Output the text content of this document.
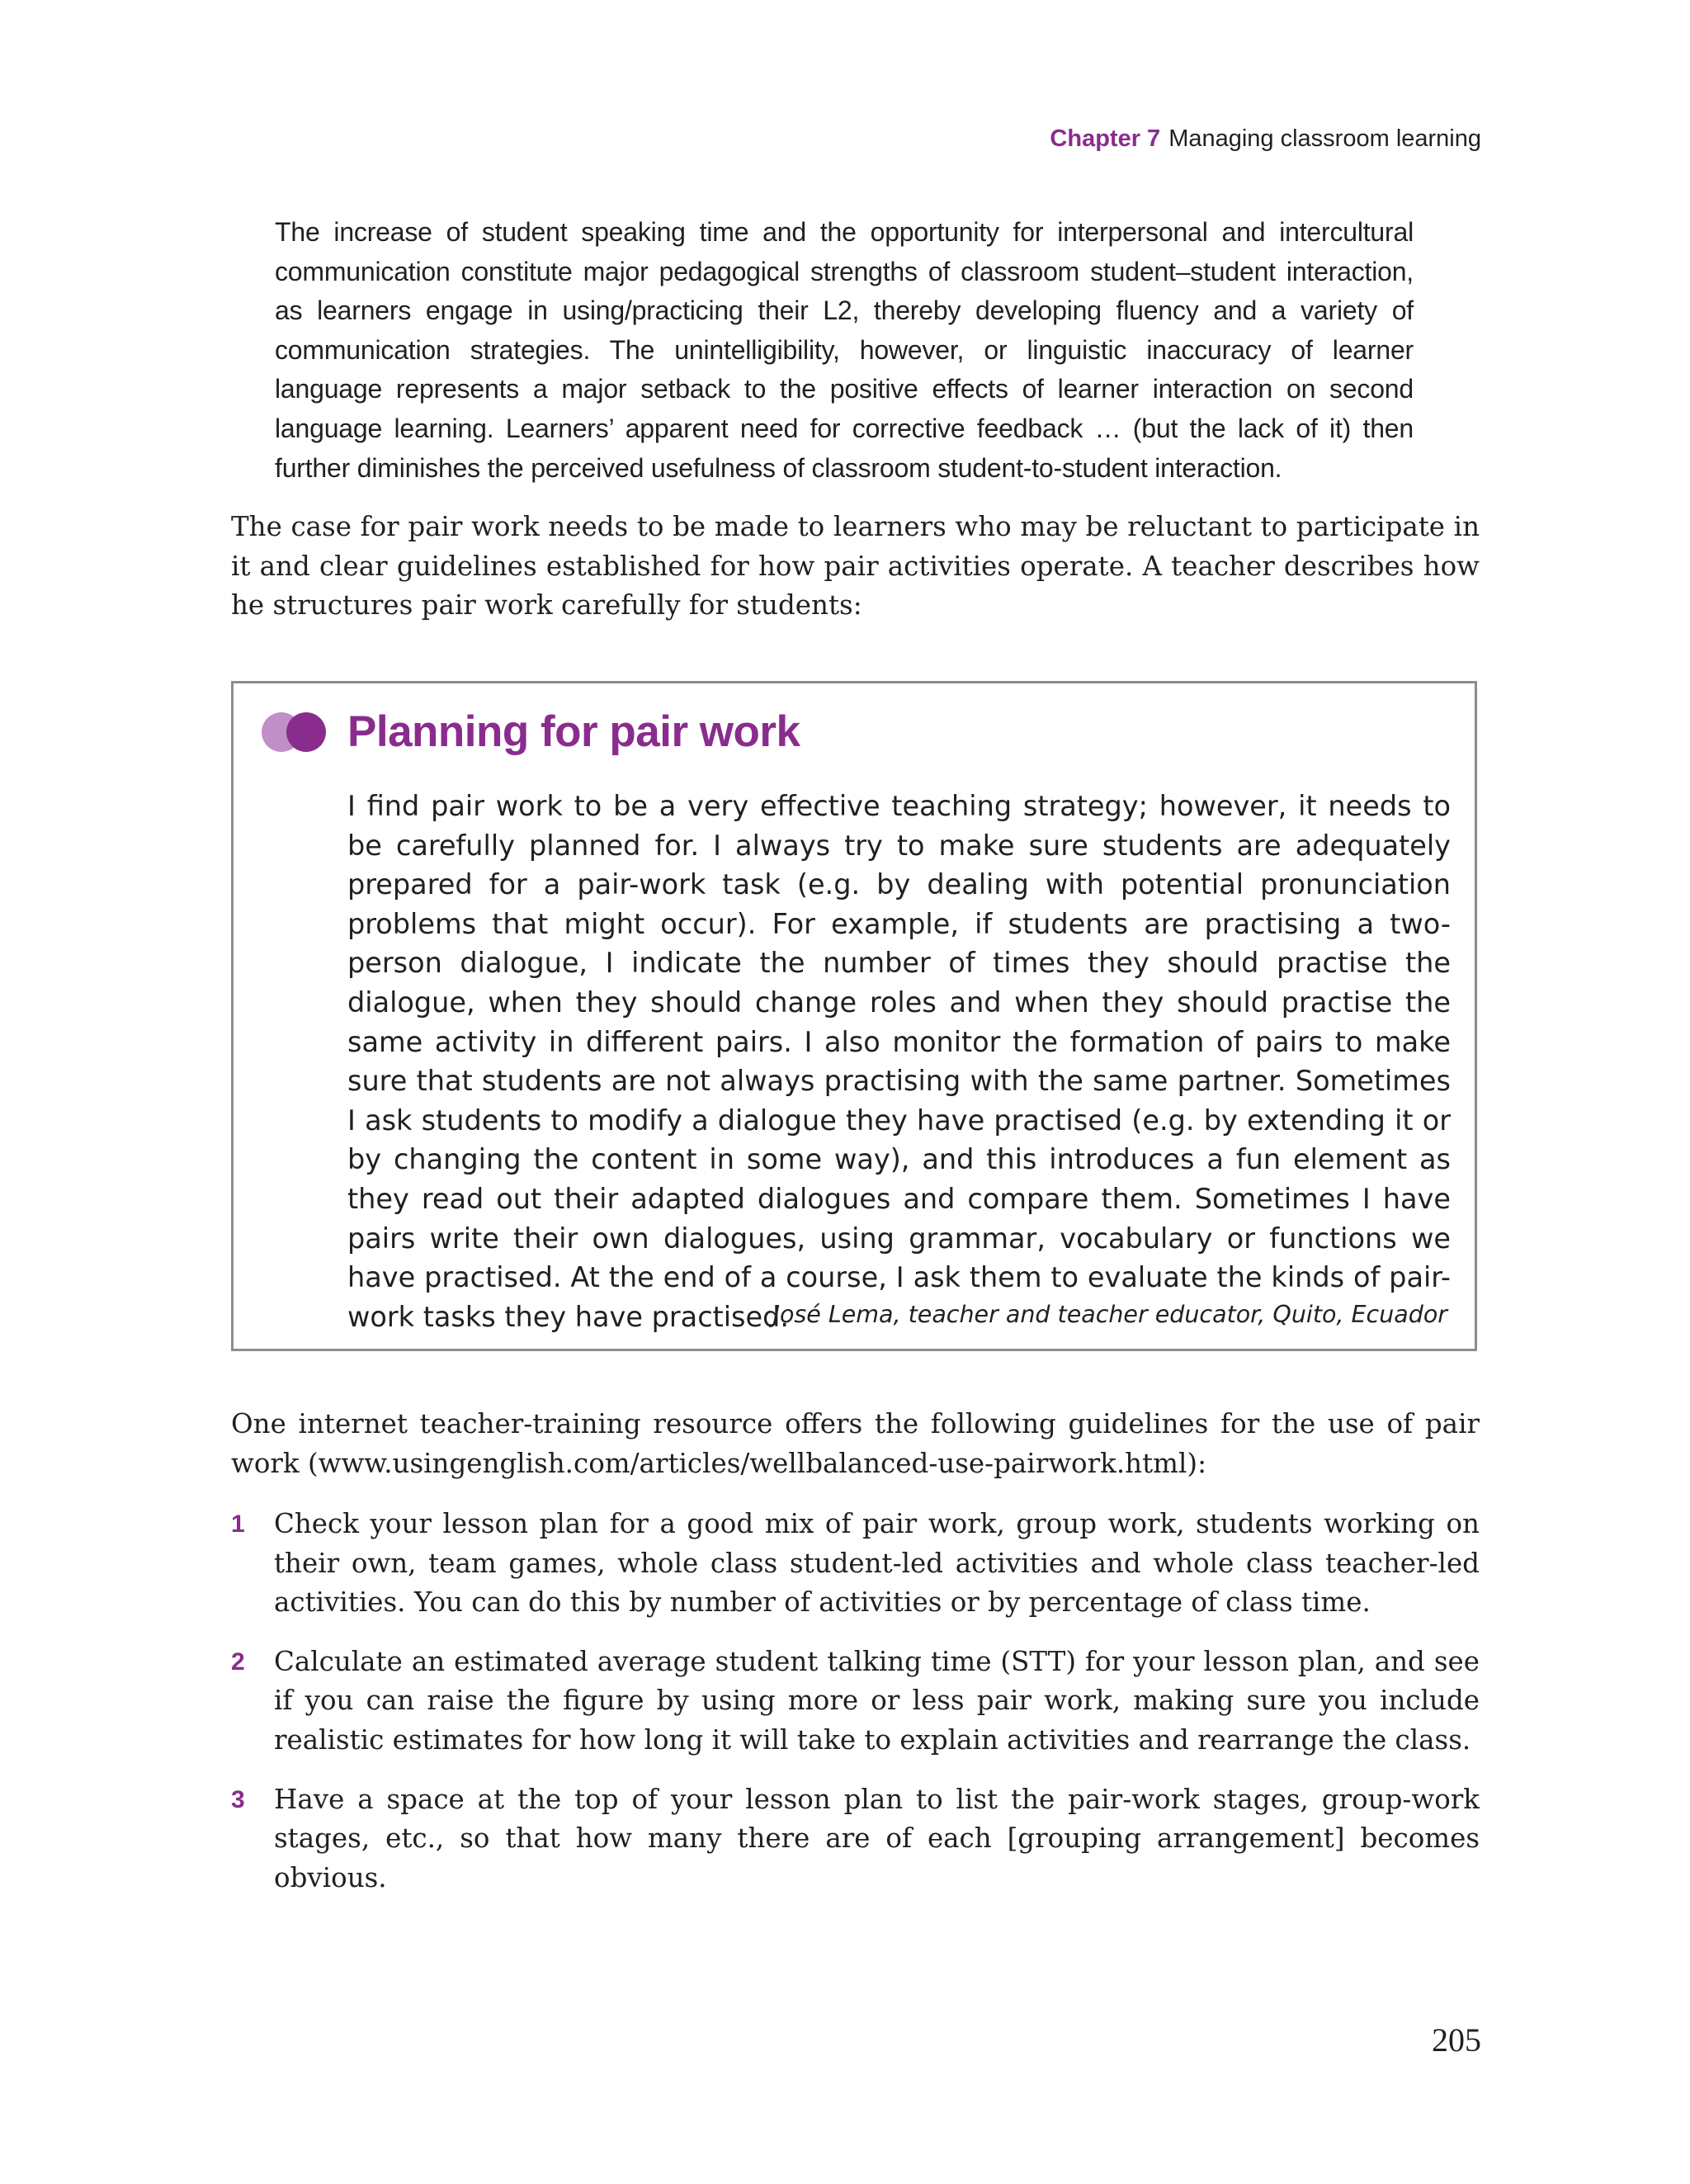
Chapter 7 Managing classroom learning
The increase of student speaking time and the opportunity for interpersonal and intercultural communication constitute major pedagogical strengths of classroom student–student interaction, as learners engage in using/practicing their L2, thereby developing fluency and a variety of communication strategies. The unintelligibility, however, or linguistic inaccuracy of learner language represents a major setback to the positive effects of learner interaction on second language learning. Learners’ apparent need for corrective feedback … (but the lack of it) then further diminishes the perceived usefulness of classroom student-to-student interaction.
The case for pair work needs to be made to learners who may be reluctant to participate in it and clear guidelines established for how pair activities operate. A teacher describes how he structures pair work carefully for students:
Planning for pair work
I find pair work to be a very effective teaching strategy; however, it needs to be carefully planned for. I always try to make sure students are adequately prepared for a pair-work task (e.g. by dealing with potential pronunciation problems that might occur). For example, if students are practising a two-person dialogue, I indicate the number of times they should practise the dialogue, when they should change roles and when they should practise the same activity in different pairs. I also monitor the formation of pairs to make sure that students are not always practising with the same partner. Sometimes I ask students to modify a dialogue they have practised (e.g. by extending it or by changing the content in some way), and this introduces a fun element as they read out their adapted dialogues and compare them. Sometimes I have pairs write their own dialogues, using grammar, vocabulary or functions we have practised. At the end of a course, I ask them to evaluate the kinds of pair-work tasks they have practised.
José Lema, teacher and teacher educator, Quito, Ecuador
One internet teacher-training resource offers the following guidelines for the use of pair work (www.usingenglish.com/articles/wellbalanced-use-pairwork.html):
1 Check your lesson plan for a good mix of pair work, group work, students working on their own, team games, whole class student-led activities and whole class teacher-led activities. You can do this by number of activities or by percentage of class time.
2 Calculate an estimated average student talking time (STT) for your lesson plan, and see if you can raise the figure by using more or less pair work, making sure you include realistic estimates for how long it will take to explain activities and rearrange the class.
3 Have a space at the top of your lesson plan to list the pair-work stages, group-work stages, etc., so that how many there are of each [grouping arrangement] becomes obvious.
205
